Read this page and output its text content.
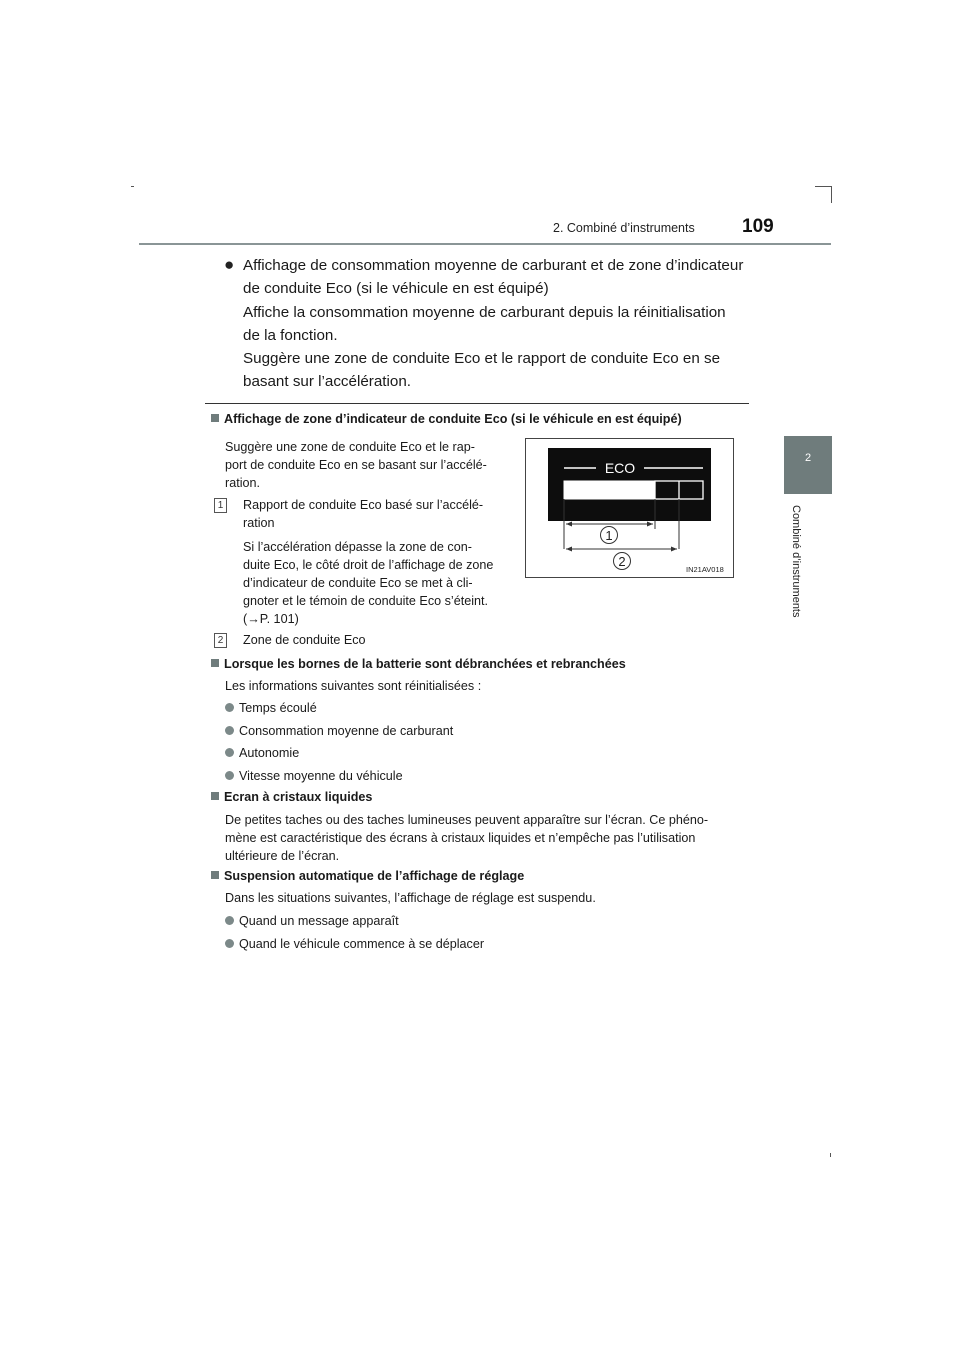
2. Combiné d’instruments 109
2
Combiné d’instruments
● Affichage de consommation moyenne de carburant et de zone d’indicateur
de conduite Eco (si le véhicule en est équipé)
Affiche la consommation moyenne de carburant depuis la réinitialisation
de la fonction.
Suggère une zone de conduite Eco et le rapport de conduite Eco en se
basant sur l’accélération.
Affichage de zone d’indicateur de conduite Eco (si le véhicule en est équipé)
Suggère une zone de conduite Eco et le rap-
port de conduite Eco en se basant sur l’accélé-
ration.
1	Rapport de conduite Eco basé sur l’accélé-
ration
Si l’accélération dépasse la zone de con-
duite Eco, le côté droit de l’affichage de zone
d’indicateur de conduite Eco se met à cli-
gnoter et le témoin de conduite Eco s’éteint.
(→P. 101)
2	Zone de conduite Eco
ECO
1
2
IN21AV018
Lorsque les bornes de la batterie sont débranchées et rebranchées
Les informations suivantes sont réinitialisées :
Temps écoulé
Consommation moyenne de carburant
Autonomie
Vitesse moyenne du véhicule
Ecran à cristaux liquides
De petites taches ou des taches lumineuses peuvent apparaître sur l’écran. Ce phéno-
mène est caractéristique des écrans à cristaux liquides et n’empêche pas l’utilisation
ultérieure de l’écran.
Suspension automatique de l’affichage de réglage
Dans les situations suivantes, l’affichage de réglage est suspendu.
Quand un message apparaît
Quand le véhicule commence à se déplacer
